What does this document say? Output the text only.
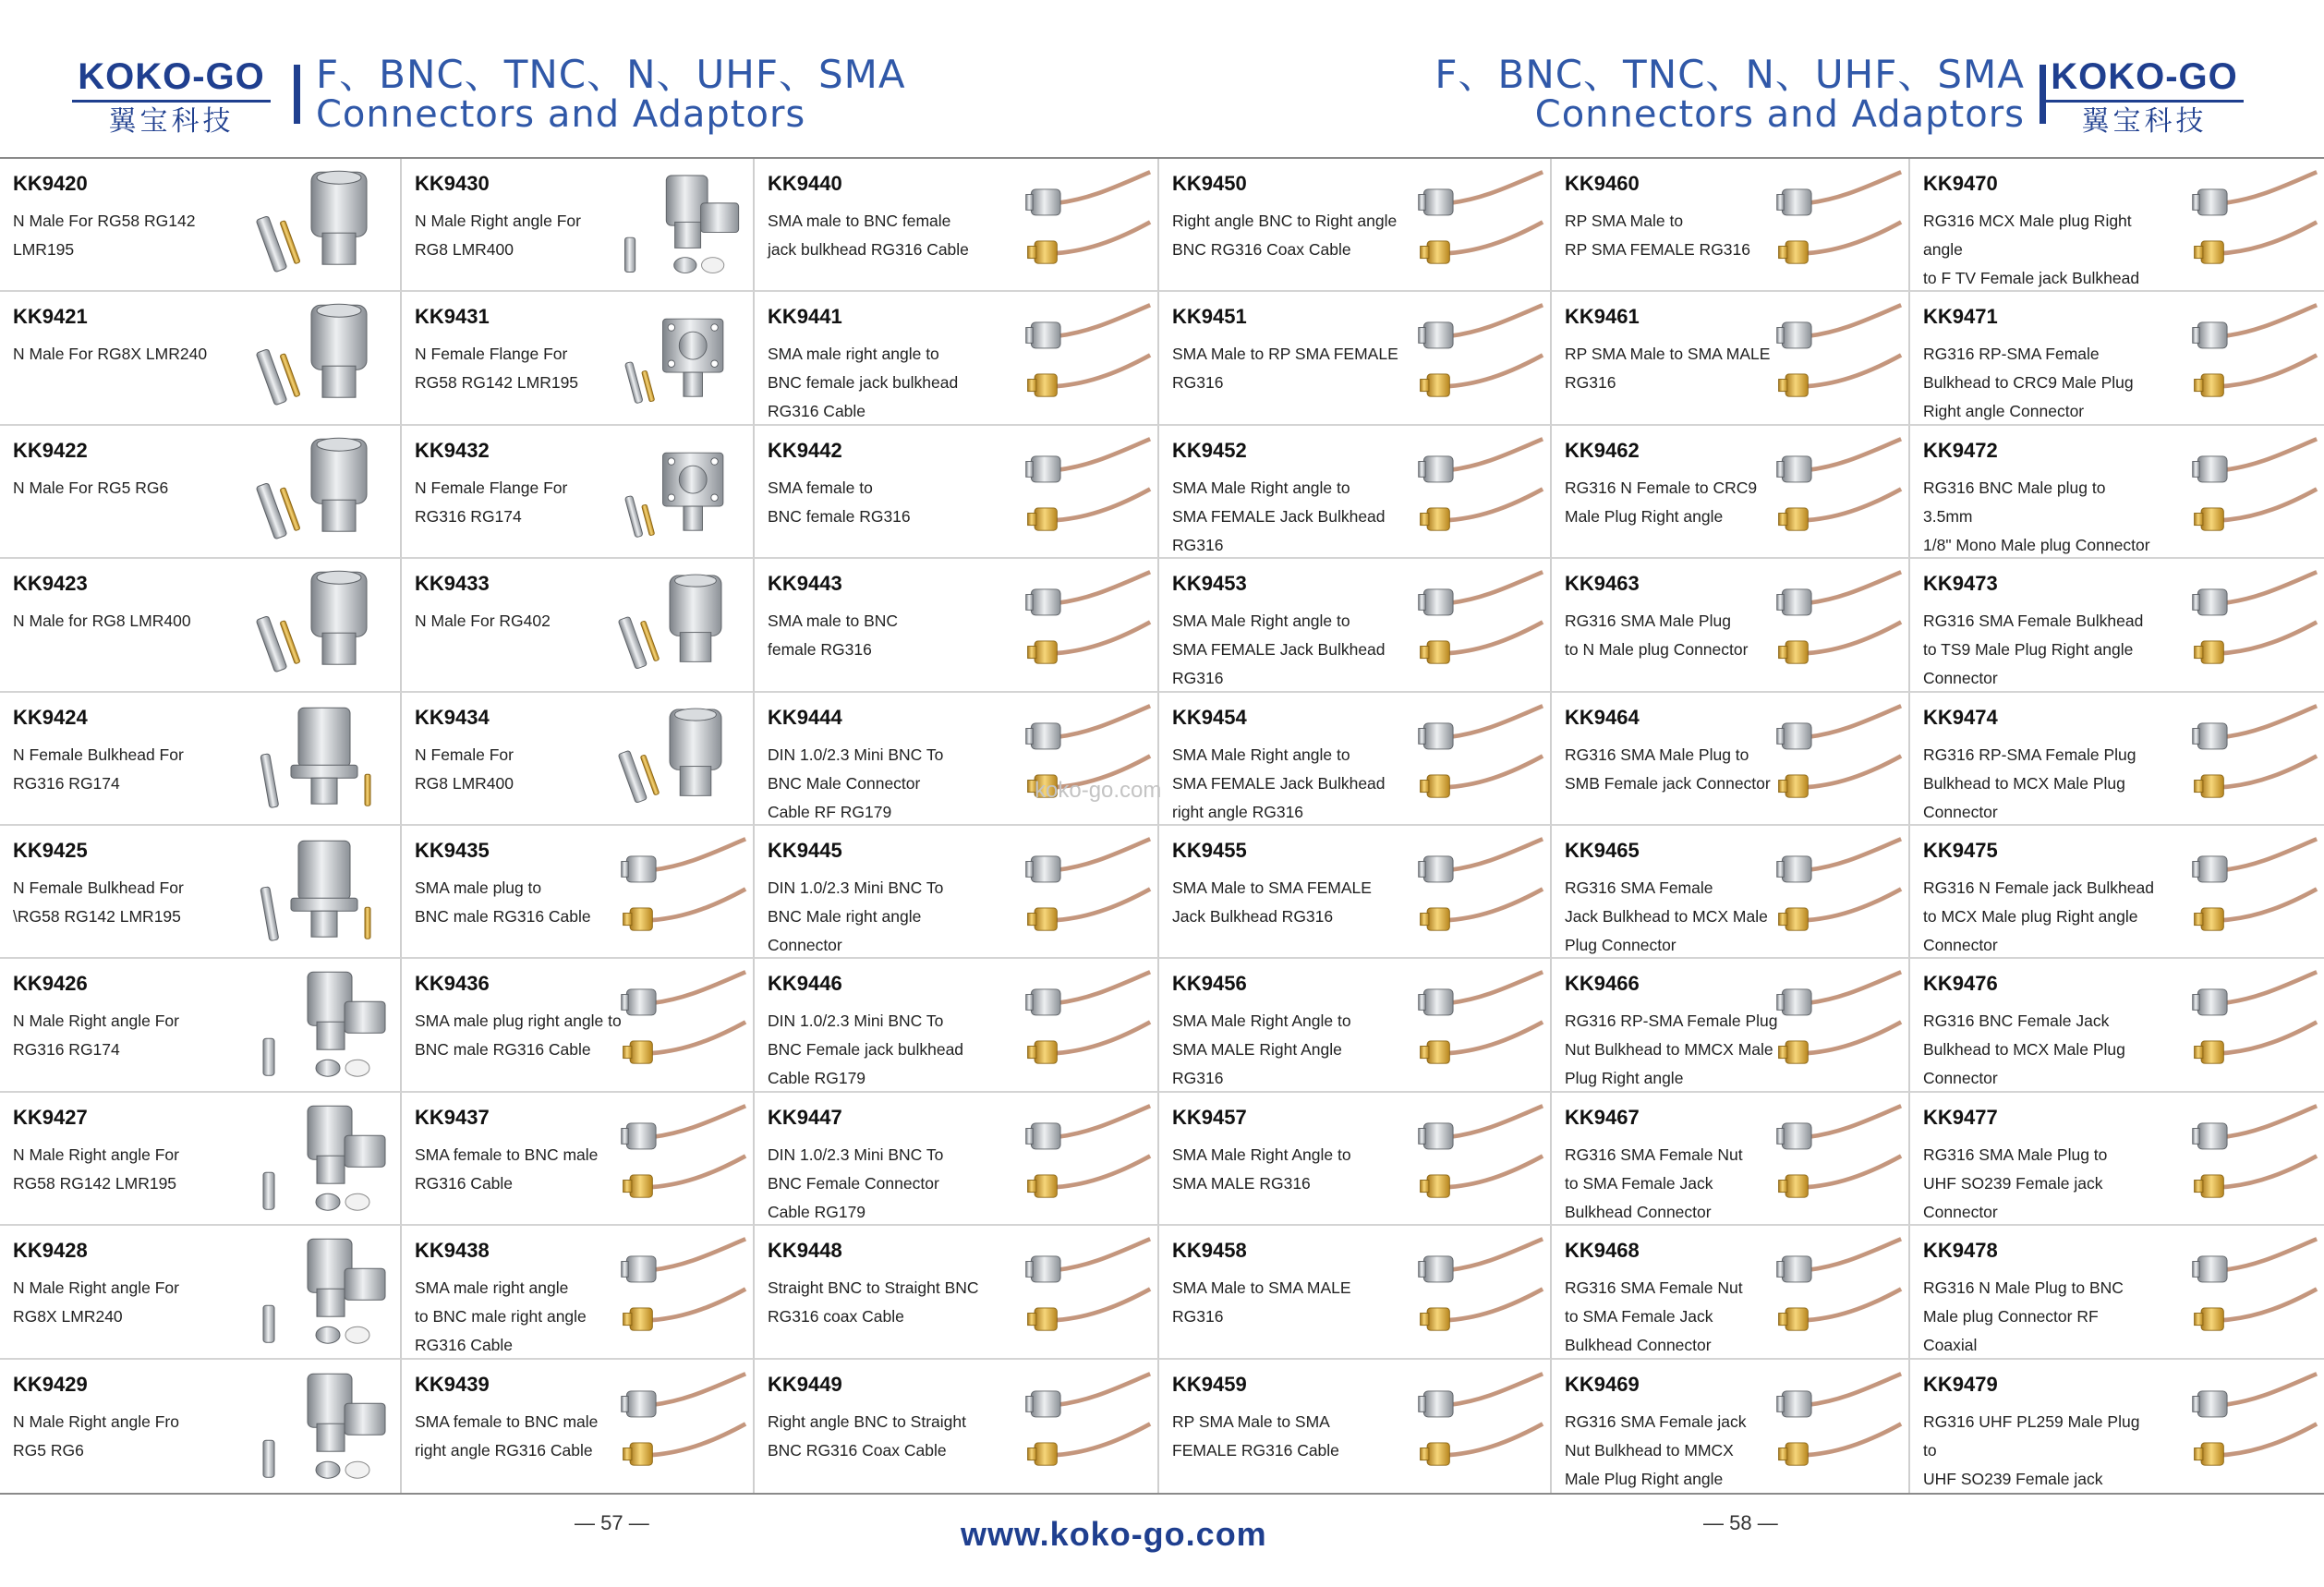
KOKO-GO
翼宝科技
F、BNC、TNC、N、UHF、SMA
Connectors and Adaptors
F、BNC、TNC、N、UHF、SMA
Connectors and Adaptors
KOKO-GO
翼宝科技
KK9420
N Male For RG58 RG142
LMR195
KK9430
N Male Right angle For
RG8 LMR400
KK9440
SMA male to BNC female
jack bulkhead RG316 Cable
KK9450
Right angle BNC to Right angle
BNC RG316 Coax Cable
KK9460
RP SMA Male to
RP SMA FEMALE RG316
KK9470
RG316 MCX Male plug Right angle
to F TV Female jack Bulkhead

KK9421
N Male For RG8X LMR240
KK9431
N Female Flange For
RG58 RG142 LMR195
KK9441
SMA male right angle to
BNC female jack bulkhead
RG316 Cable
KK9451
SMA Male to RP SMA FEMALE
RG316
KK9461
RP SMA Male to SMA MALE
RG316
KK9471
RG316 RP-SMA Female
Bulkhead to CRC9 Male Plug
Right angle Connector
KK9422
N Male For RG5 RG6
KK9432
N Female Flange For
RG316 RG174
KK9442
SMA female to
BNC female RG316
KK9452
SMA Male Right angle to
SMA FEMALE Jack Bulkhead
RG316
KK9462
RG316 N Female to CRC9
Male Plug Right angle
KK9472
RG316 BNC Male plug to 3.5mm
1/8" Mono Male plug Connector
KK9423
N Male for RG8 LMR400
KK9433
N Male For RG402
KK9443
SMA male to BNC
female RG316
KK9453
SMA Male Right angle to
SMA FEMALE Jack Bulkhead
RG316
KK9463
RG316 SMA Male Plug
to N Male plug Connector
KK9473
RG316 SMA Female Bulkhead
to TS9 Male Plug Right angle
Connector
KK9424
N Female Bulkhead For
RG316 RG174
KK9434
N Female For
RG8 LMR400
KK9444
DIN 1.0/2.3 Mini BNC To
BNC Male Connector
Cable RF RG179
KK9454
SMA Male Right angle to
SMA FEMALE Jack Bulkhead
right angle RG316
KK9464
RG316 SMA Male Plug to
SMB Female jack Connector
KK9474
RG316 RP-SMA Female Plug
Bulkhead to MCX Male Plug
Connector
KK9425
N Female Bulkhead For
\RG58 RG142 LMR195
KK9435
SMA male plug to
BNC male RG316 Cable
KK9445
DIN 1.0/2.3 Mini BNC To
BNC Male right angle Connector

KK9455
SMA Male to SMA FEMALE
Jack Bulkhead RG316
KK9465
RG316 SMA Female
Jack Bulkhead to MCX Male
Plug Connector
KK9475
RG316 N Female jack Bulkhead
to MCX Male plug Right angle
Connector
KK9426
N Male Right angle For
RG316 RG174
KK9436
SMA male plug right angle to
BNC male RG316 Cable
KK9446
DIN 1.0/2.3 Mini BNC To
BNC Female jack bulkhead
Cable RG179
KK9456
SMA Male Right Angle to
SMA MALE Right Angle
RG316
KK9466
RG316 RP-SMA Female Plug
Nut Bulkhead to MMCX Male
Plug Right angle
KK9476
RG316 BNC Female Jack
Bulkhead to MCX Male Plug
Connector
KK9427
N Male Right angle For
RG58 RG142 LMR195
KK9437
SMA female to BNC male
RG316 Cable
KK9447
DIN 1.0/2.3 Mini BNC To
BNC Female Connector
Cable RG179
KK9457
SMA Male Right Angle to
SMA MALE RG316
KK9467
RG316 SMA Female Nut
to SMA Female Jack
Bulkhead Connector
KK9477
RG316 SMA Male Plug to
UHF SO239 Female jack
Connector
KK9428
N Male Right angle For
RG8X LMR240
KK9438
SMA male right angle
to BNC male right angle
RG316 Cable
KK9448
Straight BNC to Straight BNC
RG316 coax Cable
KK9458
SMA Male to SMA MALE RG316
KK9468
RG316 SMA Female Nut
to SMA Female Jack
Bulkhead Connector
KK9478
RG316 N Male Plug to BNC
Male plug Connector RF Coaxial

KK9429
N Male Right angle Fro
RG5 RG6
KK9439
SMA female to BNC male
right angle RG316 Cable
KK9449
Right angle BNC to Straight
BNC RG316 Coax Cable
KK9459
RP SMA Male to SMA
FEMALE RG316 Cable
KK9469
RG316 SMA Female jack
Nut Bulkhead to MMCX
Male Plug Right angle
KK9479
RG316 UHF PL259 Male Plug to
UHF SO239 Female jack

koko-go.com
— 57 —	www.koko-go.com	— 58 —
